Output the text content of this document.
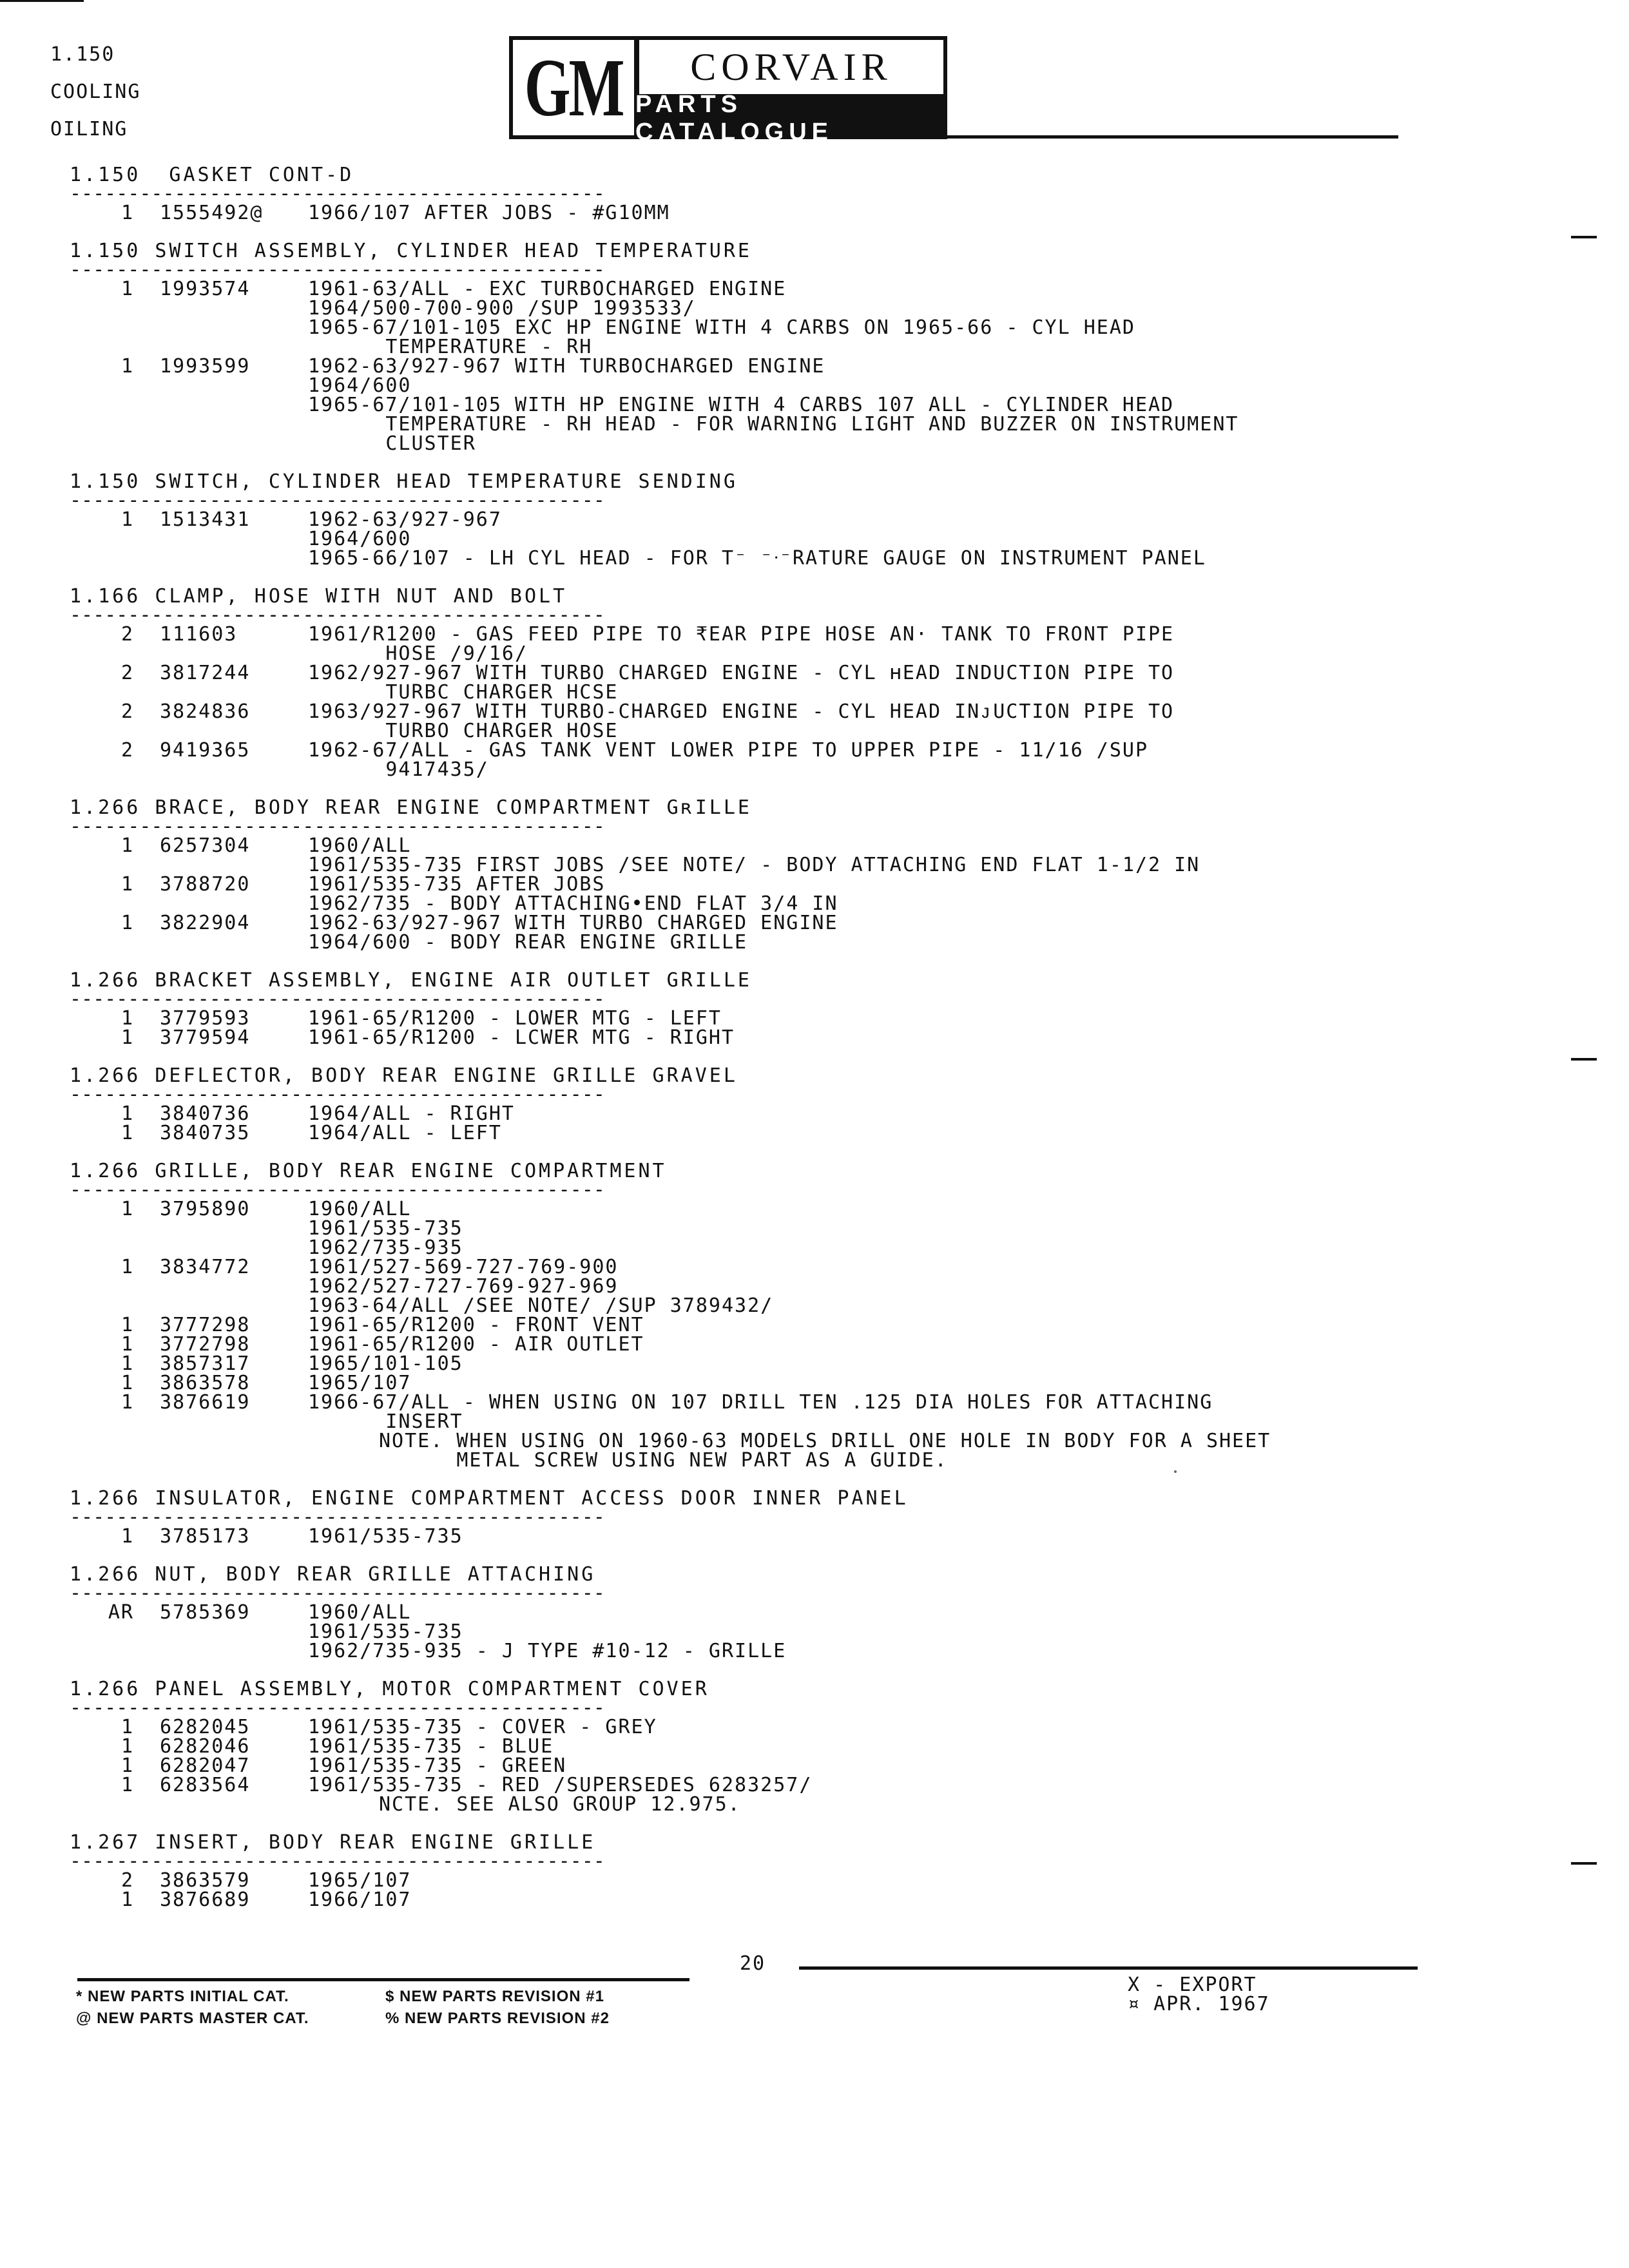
1.150
COOLING
OILING	GM CORVAIR
PARTS CATALOGUE
1.150  GASKET CONT-D
----------------------------------------------
1	1555492@	1966/107 AFTER JOBS - #G10MM
1.150 SWITCH ASSEMBLY, CYLINDER HEAD TEMPERATURE
----------------------------------------------
1	1993574	1961-63/ALL - EXC TURBOCHARGED ENGINE
1964/500-700-900 /SUP 1993533/
1965-67/101-105 EXC HP ENGINE WITH 4 CARBS ON 1965-66 - CYL HEAD
TEMPERATURE - RH
1	1993599	1962-63/927-967 WITH TURBOCHARGED ENGINE
1964/600
1965-67/101-105 WITH HP ENGINE WITH 4 CARBS 107 ALL - CYLINDER HEAD
TEMPERATURE - RH HEAD - FOR WARNING LIGHT AND BUZZER ON INSTRUMENT
CLUSTER
1.150 SWITCH, CYLINDER HEAD TEMPERATURE SENDING
----------------------------------------------
1	1513431	1962-63/927-967
1964/600
1965-66/107 - LH CYL HEAD - FOR T⁻ ⁻ᐧ⁻RATURE GAUGE ON INSTRUMENT PANEL
1.166 CLAMP, HOSE WITH NUT AND BOLT
----------------------------------------------
2	111603	1961/R1200 - GAS FEED PIPE TO ₹EAR PIPE HOSE AN· TANK TO FRONT PIPE
HOSE /9/16/
2	3817244	1962/927-967 WITH TURBO CHARGED ENGINE - CYL ʜEAD INDUCTION PIPE TO
TURBC CHARGER HCSE
2	3824836	1963/927-967 WITH TURBO-CHARGED ENGINE - CYL HEAD INᴊUCTION PIPE TO
TURBO CHARGER HOSE
2	9419365	1962-67/ALL - GAS TANK VENT LOWER PIPE TO UPPER PIPE - 11/16 /SUP
9417435/
1.266 BRACE, BODY REAR ENGINE COMPARTMENT GʀILLE
----------------------------------------------
1	6257304	1960/ALL
1961/535-735 FIRST JOBS /SEE NOTE/ - BODY ATTACHING END FLAT 1-1/2 IN
1	3788720	1961/535-735 AFTER JOBS
1962/735 - BODY ATTACHING•END FLAT 3/4 IN
1	3822904	1962-63/927-967 WITH TURBO CHARGED ENGINE
1964/600 - BODY REAR ENGINE GRILLE
1.266 BRACKET ASSEMBLY, ENGINE AIR OUTLET GRILLE
----------------------------------------------
1	3779593	1961-65/R1200 - LOWER MTG - LEFT
1	3779594	1961-65/R1200 - LCWER MTG - RIGHT
1.266 DEFLECTOR, BODY REAR ENGINE GRILLE GRAVEL
----------------------------------------------
1	3840736	1964/ALL - RIGHT
1	3840735	1964/ALL - LEFT
1.266 GRILLE, BODY REAR ENGINE COMPARTMENT
----------------------------------------------
1	3795890	1960/ALL
1961/535-735
1962/735-935
1	3834772	1961/527-569-727-769-900
1962/527-727-769-927-969
1963-64/ALL /SEE NOTE/ /SUP 3789432/
1	3777298	1961-65/R1200 - FRONT VENT
1	3772798	1961-65/R1200 - AIR OUTLET
1	3857317	1965/101-105
1	3863578	1965/107
1	3876619	1966-67/ALL - WHEN USING ON 107 DRILL TEN .125 DIA HOLES FOR ATTACHING
INSERT
NOTE. WHEN USING ON 1960-63 MODELS DRILL ONE HOLE IN BODY FOR A SHEET
METAL SCREW USING NEW PART AS A GUIDE.
1.266 INSULATOR, ENGINE COMPARTMENT ACCESS DOOR INNER PANEL
----------------------------------------------
1	3785173	1961/535-735
1.266 NUT, BODY REAR GRILLE ATTACHING
----------------------------------------------
AR	5785369	1960/ALL
1961/535-735
1962/735-935 - J TYPE #10-12 - GRILLE
1.266 PANEL ASSEMBLY, MOTOR COMPARTMENT COVER
----------------------------------------------
1	6282045	1961/535-735 - COVER - GREY
1	6282046	1961/535-735 - BLUE
1	6282047	1961/535-735 - GREEN
1	6283564	1961/535-735 - RED /SUPERSEDES 6283257/
NCTE. SEE ALSO GROUP 12.975.
1.267 INSERT, BODY REAR ENGINE GRILLE
----------------------------------------------
2	3863579	1965/107
1	3876689	1966/107
20
* NEW PARTS INITIAL CAT.
@ NEW PARTS MASTER CAT.
$ NEW PARTS REVISION #1
% NEW PARTS REVISION #2
X - EXPORT
¤ APR. 1967
